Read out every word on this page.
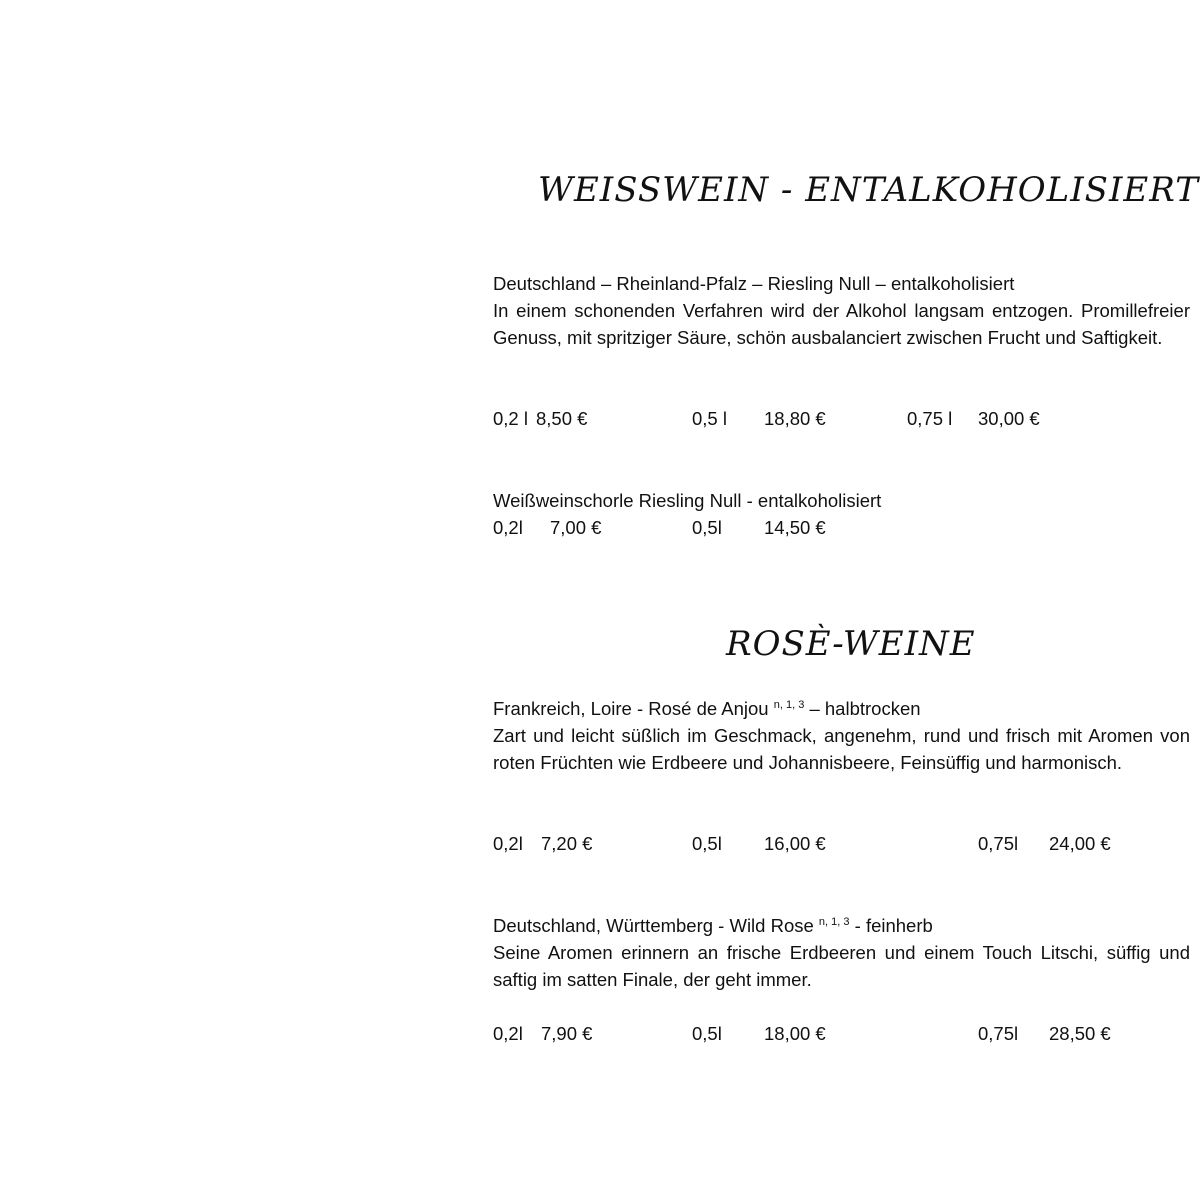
WEISSWEIN - ENTALKOHOLISIERT
Deutschland – Rheinland-Pfalz – Riesling Null – entalkoholisiert
In einem schonenden Verfahren wird der Alkohol langsam entzogen. Promillefreier Genuss, mit spritziger Säure, schön ausbalanciert zwischen Frucht und Saftigkeit.
0,2 l 8,50 €	0,5 l 18,80 €	0,75 l 30,00 €
Weißweinschorle Riesling Null - entalkoholisiert
0,2l 7,00 €	0,5l 14,50 €
ROSÈ-WEINE
Frankreich, Loire - Rosé de Anjou $^{n, 1, 3}$ – halbtrocken
Zart und leicht süßlich im Geschmack, angenehm, rund und frisch mit Aromen von roten Früchten wie Erdbeere und Johannisbeere, Feinsüffig und harmonisch.
0,2l 7,20 €	0,5l 16,00 €	0,75l 24,00 €
Deutschland, Württemberg - Wild Rose $^{n, 1, 3}$ - feinherb
Seine Aromen erinnern an frische Erdbeeren und einem Touch Litschi, süffig und saftig im satten Finale, der geht immer.
0,2l 7,90 €	0,5l 18,00 €	0,75l 28,50 €
